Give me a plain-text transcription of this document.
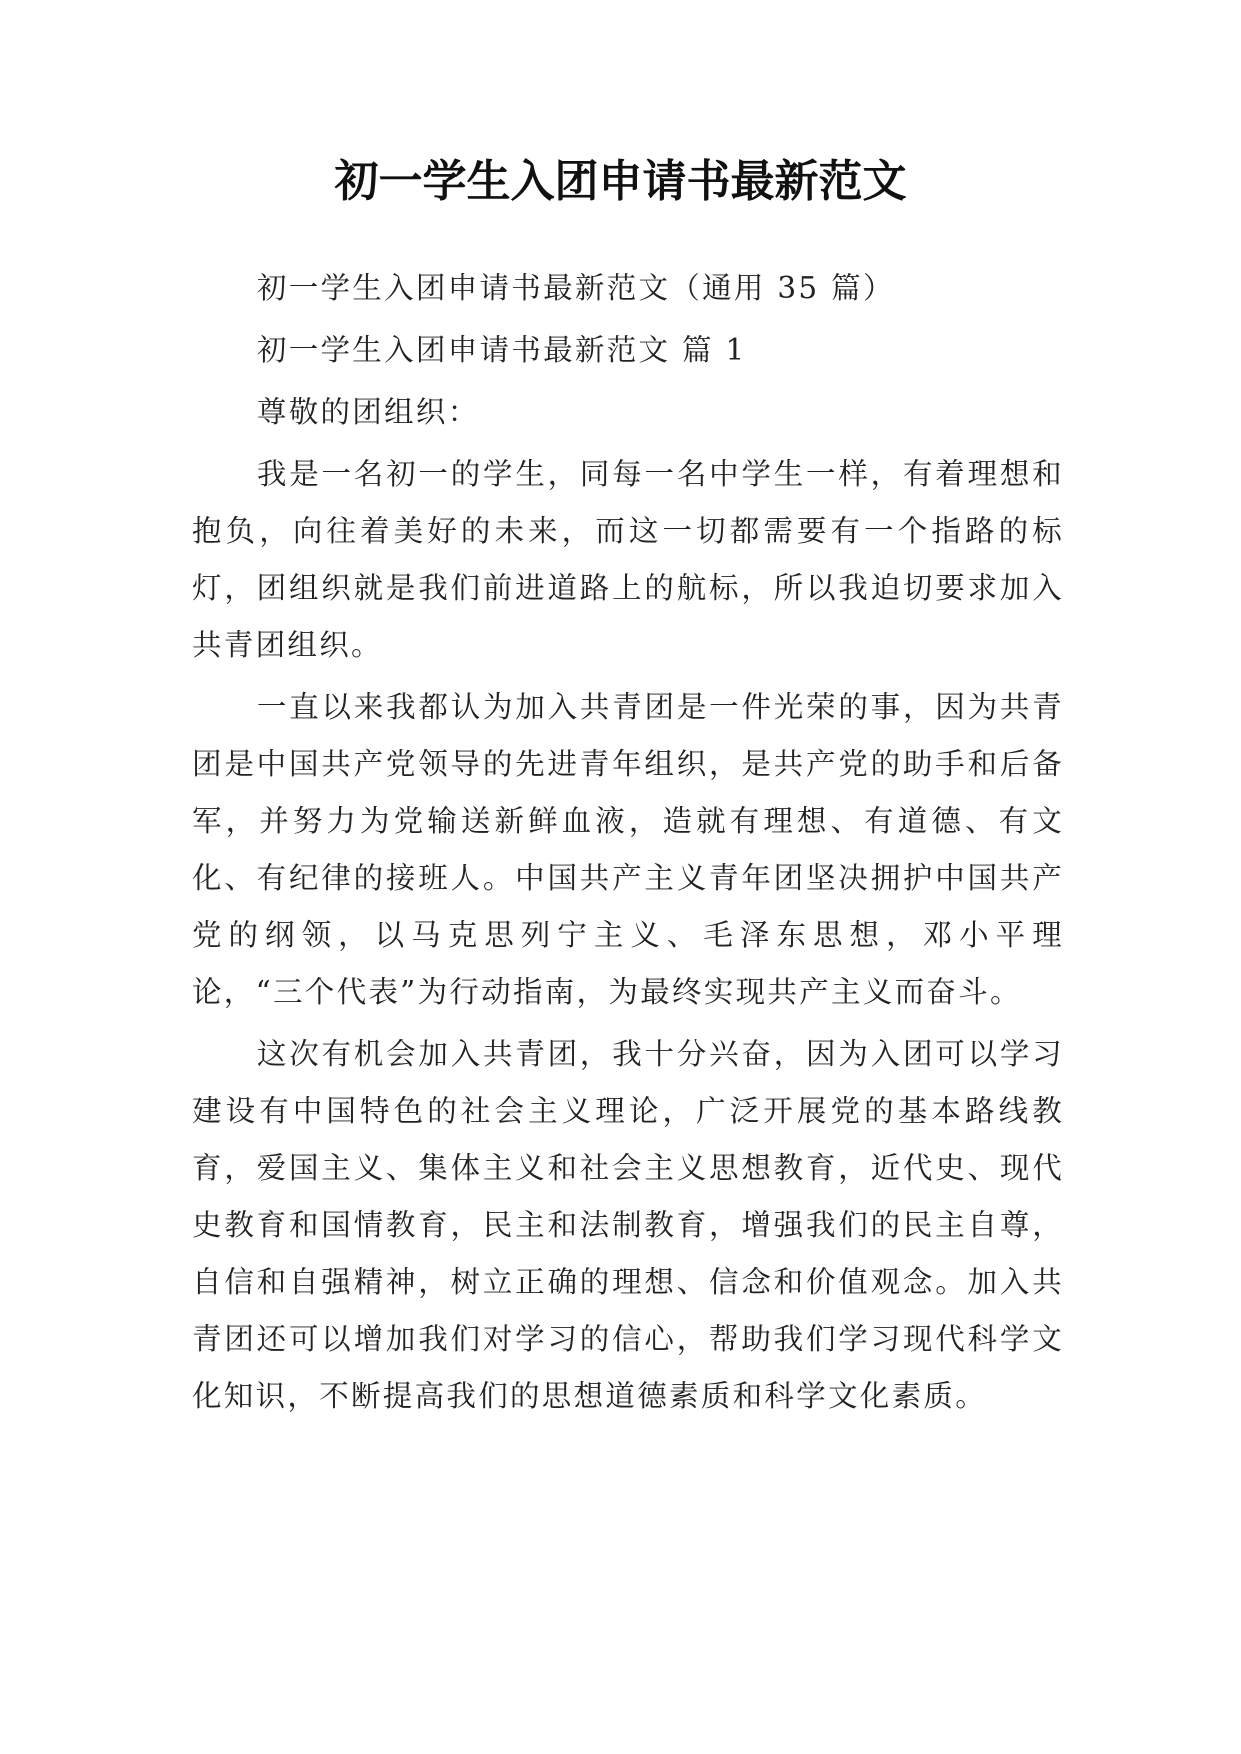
初一学生入团申请书最新范文

初一学生入团申请书最新范文（通用 35 篇）

初一学生入团申请书最新范文 篇 1

尊敬的团组织：

我是一名初一的学生，同每一名中学生一样，有着理想和抱负，向往着美好的未来，而这一切都需要有一个指路的标灯，团组织就是我们前进道路上的航标，所以我迫切要求加入共青团组织。

一直以来我都认为加入共青团是一件光荣的事，因为共青团是中国共产党领导的先进青年组织，是共产党的助手和后备军，并努力为党输送新鲜血液，造就有理想、有道德、有文化、有纪律的接班人。中国共产主义青年团坚决拥护中国共产党的纲领，以马克思列宁主义、毛泽东思想，邓小平理论，“三个代表”为行动指南，为最终实现共产主义而奋斗。

这次有机会加入共青团，我十分兴奋，因为入团可以学习建设有中国特色的社会主义理论，广泛开展党的基本路线教育，爱国主义、集体主义和社会主义思想教育，近代史、现代史教育和国情教育，民主和法制教育，增强我们的民主自尊，自信和自强精神，树立正确的理想、信念和价值观念。加入共青团还可以增加我们对学习的信心，帮助我们学习现代科学文化知识，不断提高我们的思想道德素质和科学文化素质。
